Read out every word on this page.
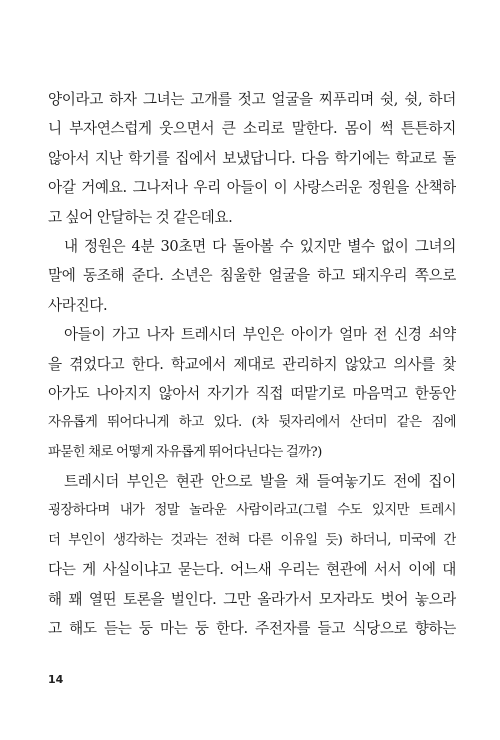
양이라고 하자 그녀는 고개를 젓고 얼굴을 찌푸리며 쉿, 쉿, 하더
니 부자연스럽게 웃으면서 큰 소리로 말한다. 몸이 썩 튼튼하지
않아서 지난 학기를 집에서 보냈답니다. 다음 학기에는 학교로 돌
아갈 거예요. 그나저나 우리 아들이 이 사랑스러운 정원을 산책하
고 싶어 안달하는 것 같은데요.
내 정원은 4분 30초면 다 돌아볼 수 있지만 별수 없이 그녀의
말에 동조해 준다. 소년은 침울한 얼굴을 하고 돼지우리 쪽으로
사라진다.
아들이 가고 나자 트레시더 부인은 아이가 얼마 전 신경 쇠약
을 겪었다고 한다. 학교에서 제대로 관리하지 않았고 의사를 찾
아가도 나아지지 않아서 자기가 직접 떠맡기로 마음먹고 한동안
자유롭게 뛰어다니게 하고 있다. (차 뒷자리에서 산더미 같은 짐에
파묻힌 채로 어떻게 자유롭게 뛰어다닌다는 걸까?)
트레시더 부인은 현관 안으로 발을 채 들여놓기도 전에 집이
굉장하다며 내가 정말 놀라운 사람이라고(그럴 수도 있지만 트레시
더 부인이 생각하는 것과는 전혀 다른 이유일 듯) 하더니, 미국에 간
다는 게 사실이냐고 묻는다. 어느새 우리는 현관에 서서 이에 대
해 꽤 열띤 토론을 벌인다. 그만 올라가서 모자라도 벗어 놓으라
고 해도 듣는 둥 마는 둥 한다. 주전자를 들고 식당으로 향하는
14
